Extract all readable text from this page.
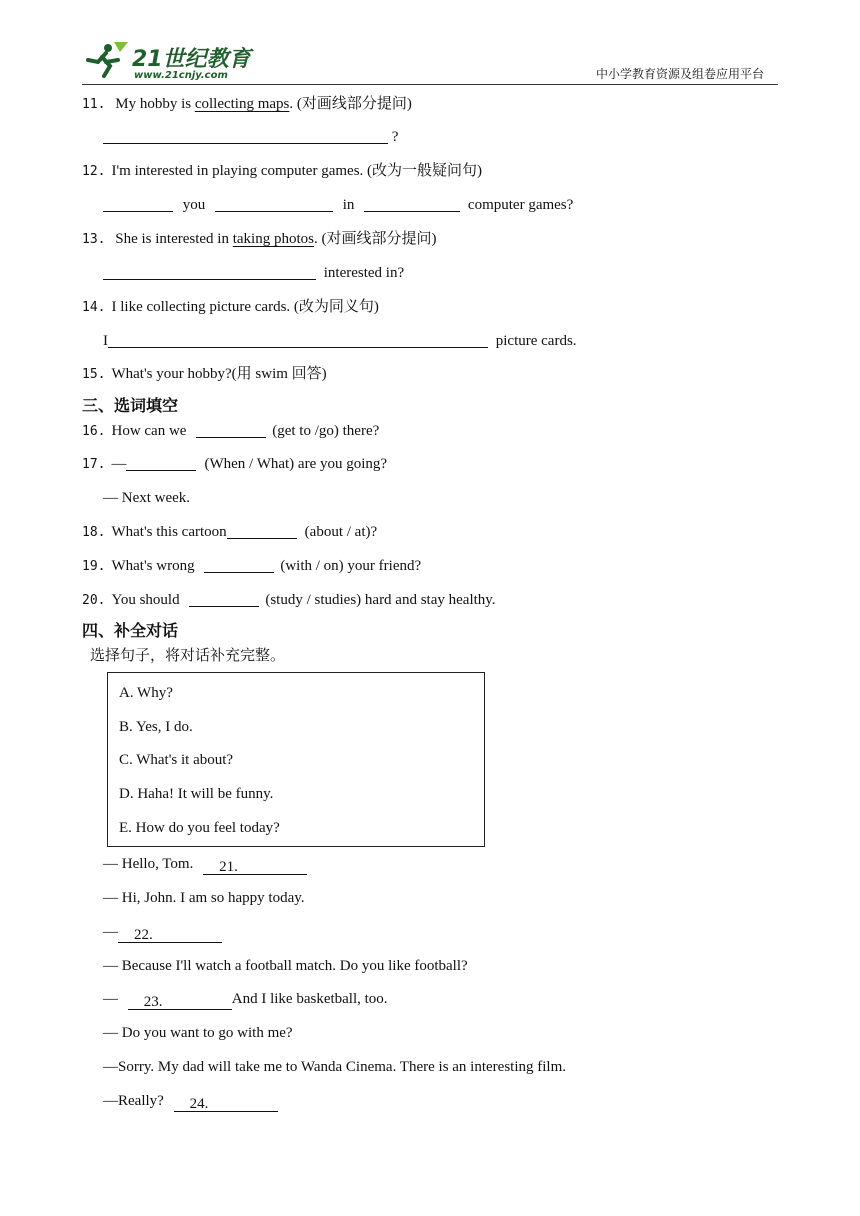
21世纪教育
www.21cnjy.com	中小学教育资源及组卷应用平台
11. My hobby is collecting maps. (对画线部分提问)
?
12. I'm interested in playing computer games. (改为一般疑问句)
you	in	computer games?
13. She is interested in taking photos. (对画线部分提问)
interested in?
14. I like collecting picture cards. (改为同义句)
I	picture cards.
15. What's your hobby?(用 swim 回答)
三、选词填空
16. How can we	(get to /go) there?
17. —	(When / What) are you going?
— Next week.
18. What's this cartoon	(about / at)?
19. What's wrong	(with / on) your friend?
20. You should	(study / studies) hard and stay healthy.
四、补全对话
选择句子，将对话补充完整。
A. Why?
B. Yes, I do.
C. What's it about?
D. Haha! It will be funny.
E. How do you feel today?
— Hello, Tom. 21.
— Hi, John. I am so happy today.
— 22.
— Because I'll watch a football match. Do you like football?
— 23.	And I like basketball, too.
— Do you want to go with me?
—Sorry. My dad will take me to Wanda Cinema. There is an interesting film.
—Really? 24.
